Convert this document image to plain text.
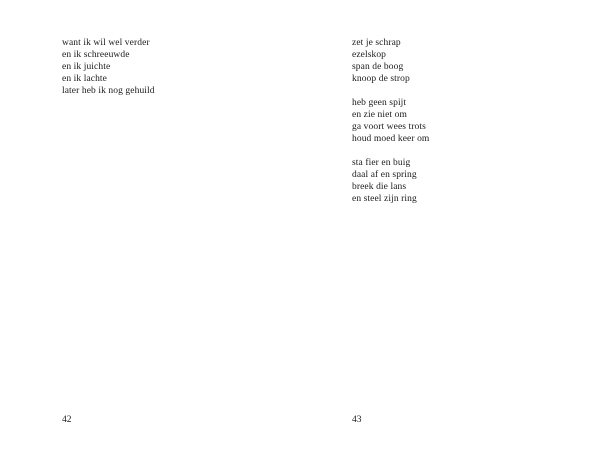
want ik wil wel verder
en ik schreeuwde
en ik juichte
en ik lachte
later heb ik nog gehuild
42
zet je schrap
ezelskop
span de boog
knoop de strop
heb geen spijt
en zie niet om
ga voort wees trots
houd moed keer om
sta fier en buig
daal af en spring
breek die lans
en steel zijn ring
43
